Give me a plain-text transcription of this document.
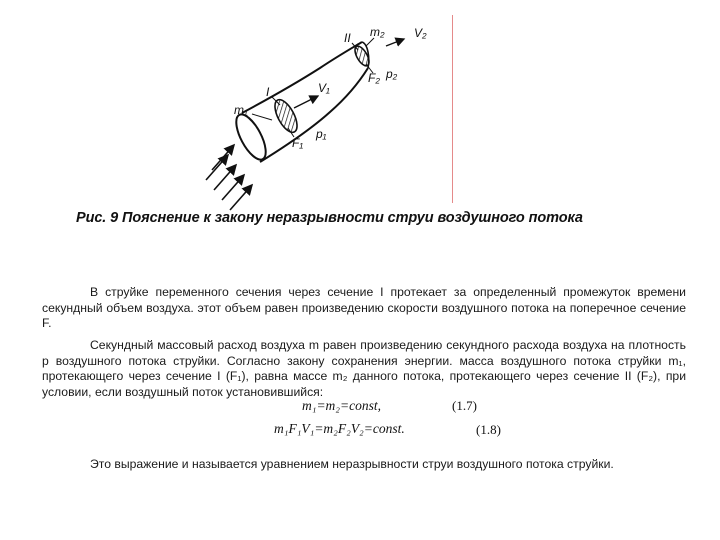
m₁
I	V₁
F₁
p₁
II m₂ V₂
F₂ p₂
Рис. 9 Пояснение к закону неразрывности струи воздушного потока

В струйке переменного сечения через сечение I протекает за определенный промежуток времени секундный объем воздуха. этот объем равен произведению скорости воздушного потока на поперечное сечение F.

Секундный массовый расход воздуха m равен произведению секундного расхода воздуха на плотность p воздушного потока струйки. Согласно закону сохранения энергии. масса воздушного потока струйки m₁, протекающего через сечение I (F₁), равна массе m₂ данного потока, протекающего через сечение II (F₂), при условии, если воздушный поток установившийся:

m₁=m₂=const,	(1.7)
m₁F₁V₁=m₂F₂V₂=const.	(1.8)

Это выражение и называется уравнением неразрывности струи воздушного потока струйки.
